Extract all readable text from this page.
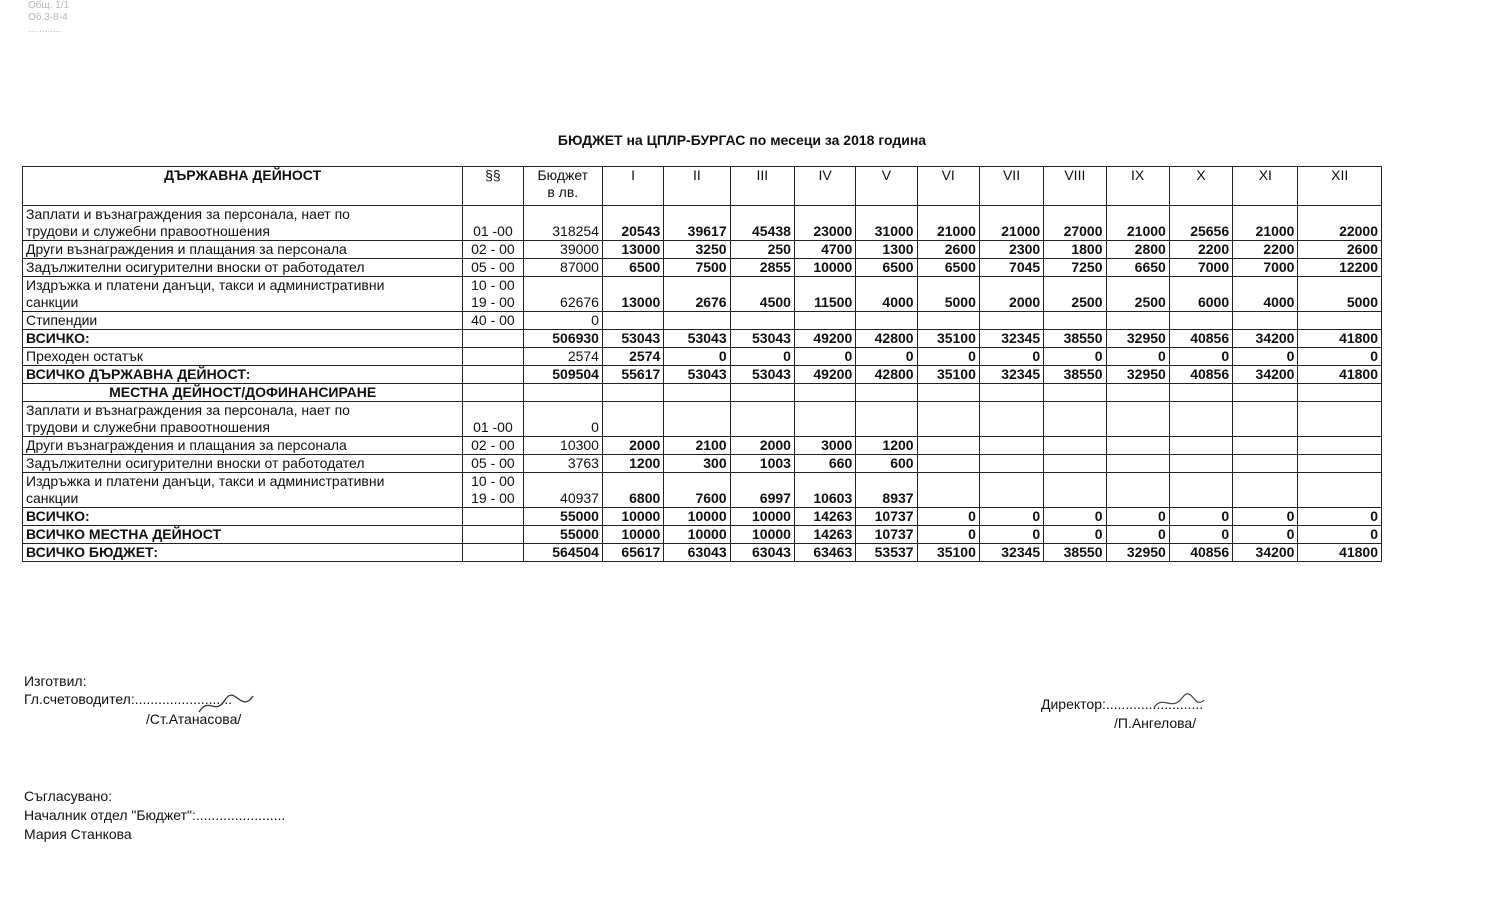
Общ. 1/1
Об.3-8-4
............
БЮДЖЕТ на ЦПЛР-БУРГАС по месеци за 2018 година
ДЪРЖАВНА ДЕЙНОСТ	§§	Бюджет
в лв.	I	II	III	IV	V	VI	VII	VIII	IX	X	XI	XII
Заплати и възнаграждения за персонала, нает по
трудови и служебни правоотношения	01 -00	318254	20543	39617	45438	23000	31000	21000	21000	27000	21000	25656	21000	22000
Други възнаграждения и плащания за персонала	02 - 00	39000	13000	3250	250	4700	1300	2600	2300	1800	2800	2200	2200	2600
Задължителни осигурителни вноски от работодател	05 - 00	87000	6500	7500	2855	10000	6500	6500	7045	7250	6650	7000	7000	12200
Издръжка и платени данъци, такси и административни
санкции	10 - 00
19 - 00	62676	13000	2676	4500	11500	4000	5000	2000	2500	2500	6000	4000	5000
Стипендии	40 - 00	0												
ВСИЧКО:		506930	53043	53043	53043	49200	42800	35100	32345	38550	32950	40856	34200	41800
Преходен остатък		2574	2574	0	0	0	0	0	0	0	0	0	0	0
ВСИЧКО ДЪРЖАВНА ДЕЙНОСТ:		509504	55617	53043	53043	49200	42800	35100	32345	38550	32950	40856	34200	41800
МЕСТНА ДЕЙНОСТ/ДОФИНАНСИРАНЕ														
Заплати и възнаграждения за персонала, нает по
трудови и служебни правоотношения	01 -00	0												
Други възнаграждения и плащания за персонала	02 - 00	10300	2000	2100	2000	3000	1200							
Задължителни осигурителни вноски от работодател	05 - 00	3763	1200	300	1003	660	600							
Издръжка и платени данъци, такси и административни
санкции	10 - 00
19 - 00	40937	6800	7600	6997	10603	8937							
ВСИЧКО:		55000	10000	10000	10000	14263	10737	0	0	0	0	0	0	0
ВСИЧКО МЕСТНА ДЕЙНОСТ		55000	10000	10000	10000	14263	10737	0	0	0	0	0	0	0
ВСИЧКО БЮДЖЕТ:		564504	65617	63043	63043	63463	53537	35100	32345	38550	32950	40856	34200	41800
Изготвил:
Гл.счетоводител:.........................
/Ст.Атанасова/
Директор:.........................
/П.Ангелова/
Съгласувано:
Началник отдел "Бюджет":.......................
Мария Станкова
